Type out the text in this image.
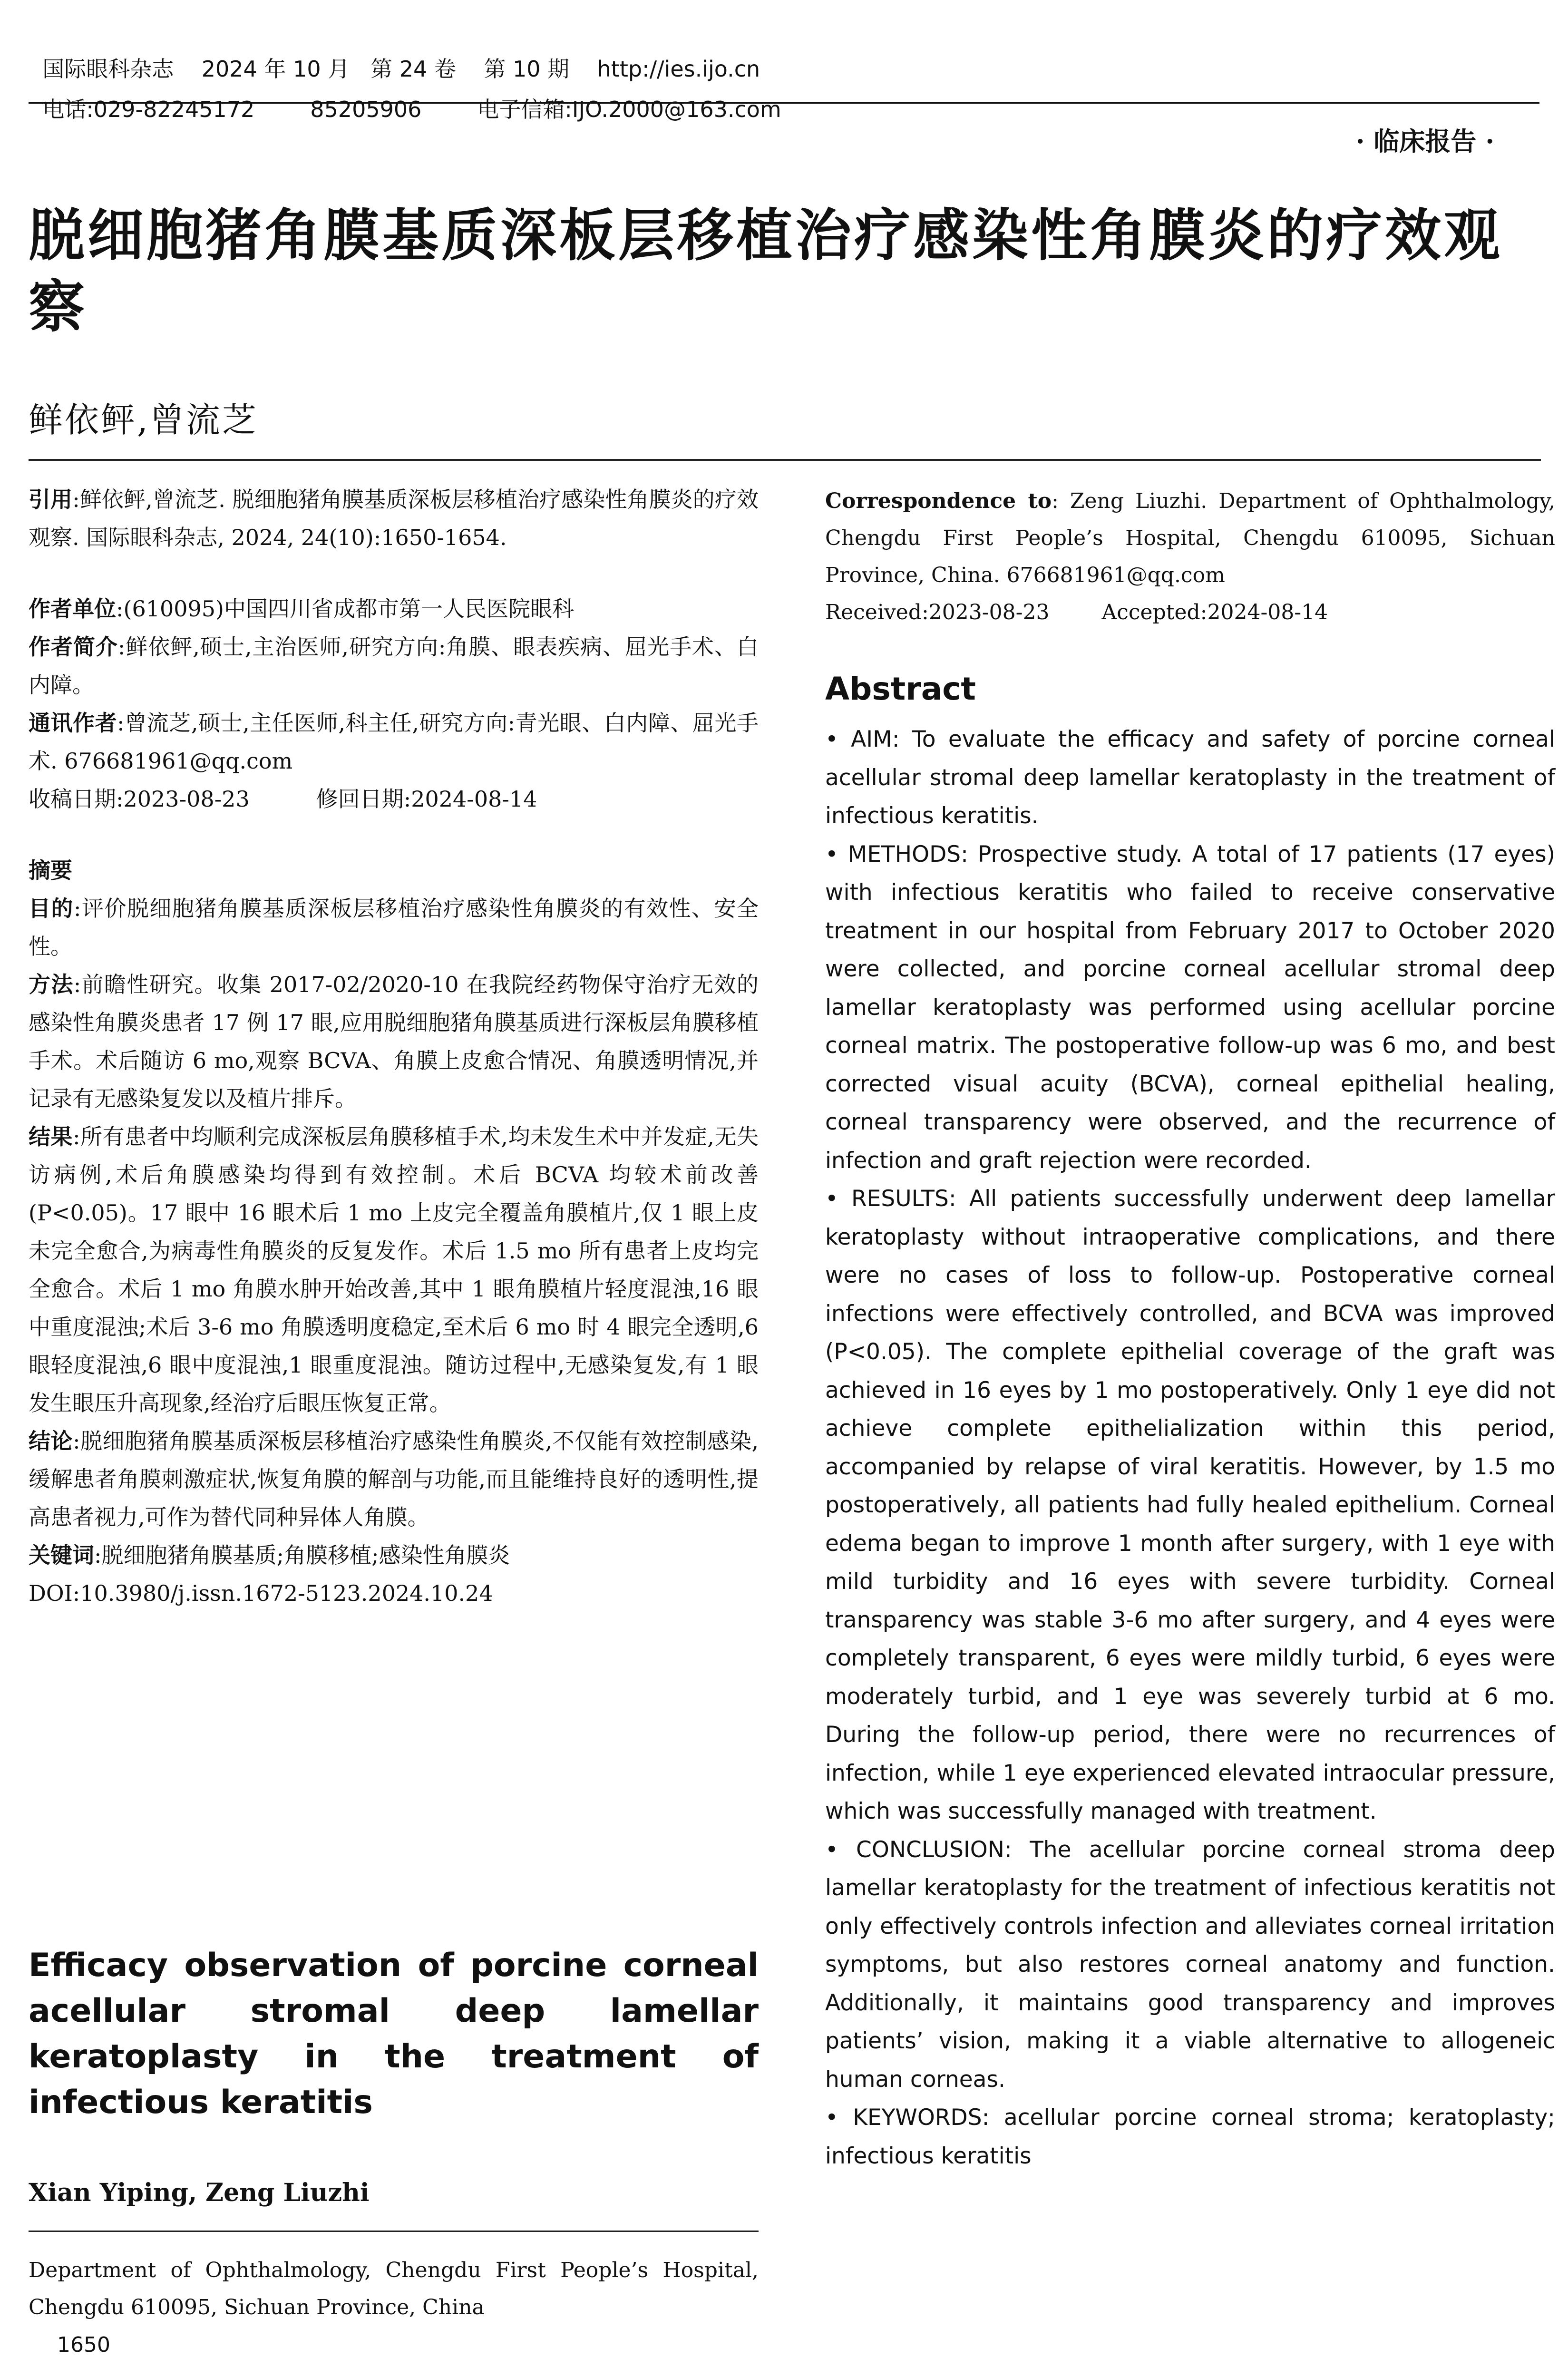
国际眼科杂志 2024 年 10 月 第 24 卷 第 10 期 http://ies.ijo.cn

电话:029-82245172	85205906	电子信箱:IJO.2000@163.com

· 临床报告 ·
脱细胞猪角膜基质深板层移植治疗感染性角膜炎的疗效观察
鲜依鲆,曾流芝

引用:鲜依鲆,曾流芝. 脱细胞猪角膜基质深板层移植治疗感染性角膜炎的疗效观察. 国际眼科杂志, 2024, 24(10):1650-1654.

作者单位:(610095)中国四川省成都市第一人民医院眼科

作者简介:鲜依鲆,硕士,主治医师,研究方向:角膜、眼表疾病、屈光手术、白内障。

通讯作者:曾流芝,硕士,主任医师,科主任,研究方向:青光眼、白内障、屈光手术. 676681961@qq.com

收稿日期:2023-08-23	修回日期:2024-08-14

摘要

目的:评价脱细胞猪角膜基质深板层移植治疗感染性角膜炎的有效性、安全性。

方法:前瞻性研究。收集 2017-02/2020-10 在我院经药物保守治疗无效的感染性角膜炎患者 17 例 17 眼,应用脱细胞猪角膜基质进行深板层角膜移植手术。术后随访 6 mo,观察 BCVA、角膜上皮愈合情况、角膜透明情况,并记录有无感染复发以及植片排斥。

结果:所有患者中均顺利完成深板层角膜移植手术,均未发生术中并发症,无失访病例,术后角膜感染均得到有效控制。术后 BCVA 均较术前改善(P<0.05)。17 眼中 16 眼术后 1 mo 上皮完全覆盖角膜植片,仅 1 眼上皮未完全愈合,为病毒性角膜炎的反复发作。术后 1.5 mo 所有患者上皮均完全愈合。术后 1 mo 角膜水肿开始改善,其中 1 眼角膜植片轻度混浊,16 眼中重度混浊;术后 3-6 mo 角膜透明度稳定,至术后 6 mo 时 4 眼完全透明,6 眼轻度混浊,6 眼中度混浊,1 眼重度混浊。随访过程中,无感染复发,有 1 眼发生眼压升高现象,经治疗后眼压恢复正常。

结论:脱细胞猪角膜基质深板层移植治疗感染性角膜炎,不仅能有效控制感染,缓解患者角膜刺激症状,恢复角膜的解剖与功能,而且能维持良好的透明性,提高患者视力,可作为替代同种异体人角膜。

关键词:脱细胞猪角膜基质;角膜移植;感染性角膜炎

DOI:10.3980/j.issn.1672-5123.2024.10.24

Efficacy observation of porcine corneal acellular stromal deep lamellar keratoplasty in the treatment of infectious keratitis
Xian Yiping, Zeng Liuzhi
Department of Ophthalmology, Chengdu First People’s Hospital, Chengdu 610095, Sichuan Province, China

Correspondence to: Zeng Liuzhi. Department of Ophthalmology, Chengdu First People’s Hospital, Chengdu 610095, Sichuan Province, China. 676681961@qq.com

Received:2023-08-23	Accepted:2024-08-14

Abstract

• AIM: To evaluate the efficacy and safety of porcine corneal acellular stromal deep lamellar keratoplasty in the treatment of infectious keratitis.

• METHODS: Prospective study. A total of 17 patients (17 eyes) with infectious keratitis who failed to receive conservative treatment in our hospital from February 2017 to October 2020 were collected, and porcine corneal acellular stromal deep lamellar keratoplasty was performed using acellular porcine corneal matrix. The postoperative follow-up was 6 mo, and best corrected visual acuity (BCVA), corneal epithelial healing, corneal transparency were observed, and the recurrence of infection and graft rejection were recorded.

• RESULTS: All patients successfully underwent deep lamellar keratoplasty without intraoperative complications, and there were no cases of loss to follow-up. Postoperative corneal infections were effectively controlled, and BCVA was improved (P<0.05). The complete epithelial coverage of the graft was achieved in 16 eyes by 1 mo postoperatively. Only 1 eye did not achieve complete epithelialization within this period, accompanied by relapse of viral keratitis. However, by 1.5 mo postoperatively, all patients had fully healed epithelium. Corneal edema began to improve 1 month after surgery, with 1 eye with mild turbidity and 16 eyes with severe turbidity. Corneal transparency was stable 3-6 mo after surgery, and 4 eyes were completely transparent, 6 eyes were mildly turbid, 6 eyes were moderately turbid, and 1 eye was severely turbid at 6 mo. During the follow-up period, there were no recurrences of infection, while 1 eye experienced elevated intraocular pressure, which was successfully managed with treatment.

• CONCLUSION: The acellular porcine corneal stroma deep lamellar keratoplasty for the treatment of infectious keratitis not only effectively controls infection and alleviates corneal irritation symptoms, but also restores corneal anatomy and function. Additionally, it maintains good transparency and improves patients’ vision, making it a viable alternative to allogeneic human corneas.

• KEYWORDS: acellular porcine corneal stroma; keratoplasty; infectious keratitis

1650
